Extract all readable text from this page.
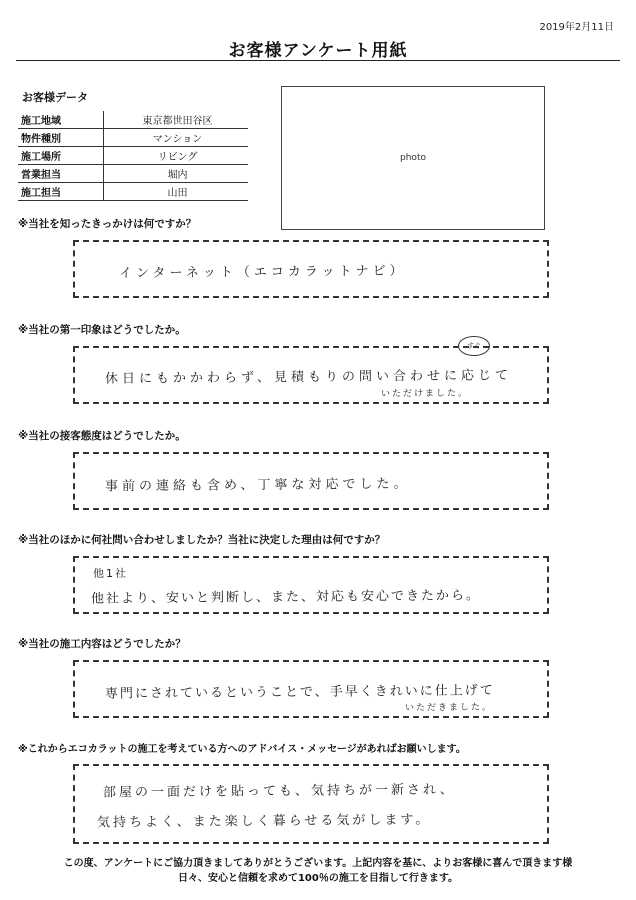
2019年2月11日
お客様アンケート用紙
お客様データ
施工地域	東京都世田谷区
物件種別	マンション
施工場所	リビング
営業担当	堀内
施工担当	山田
photo
※当社を知ったきっかけは何ですか？
インターネット（エコカラットナビ）
※当社の第一印象はどうでしたか。
休日にもかかわらず、見積もりの問い合わせに応じて
いただけました。
すぐ
※当社の接客態度はどうでしたか。
事前の連絡も含め、丁寧な対応でした。
※当社のほかに何社問い合わせしましたか？当社に決定した理由は何ですか？
他1社
他社より、安いと判断し、また、対応も安心できたから。
※当社の施工内容はどうでしたか？
専門にされているということで、手早くきれいに仕上げて
いただきました。
※これからエコカラットの施工を考えている方へのアドバイス・メッセージがあればお願いします。
部屋の一面だけを貼っても、気持ちが一新され、
気持ちよく、また楽しく暮らせる気がします。
この度、アンケートにご協力頂きましてありがとうございます。上記内容を基に、よりお客様に喜んで頂きます様
日々、安心と信頼を求めて100％の施工を目指して行きます。
